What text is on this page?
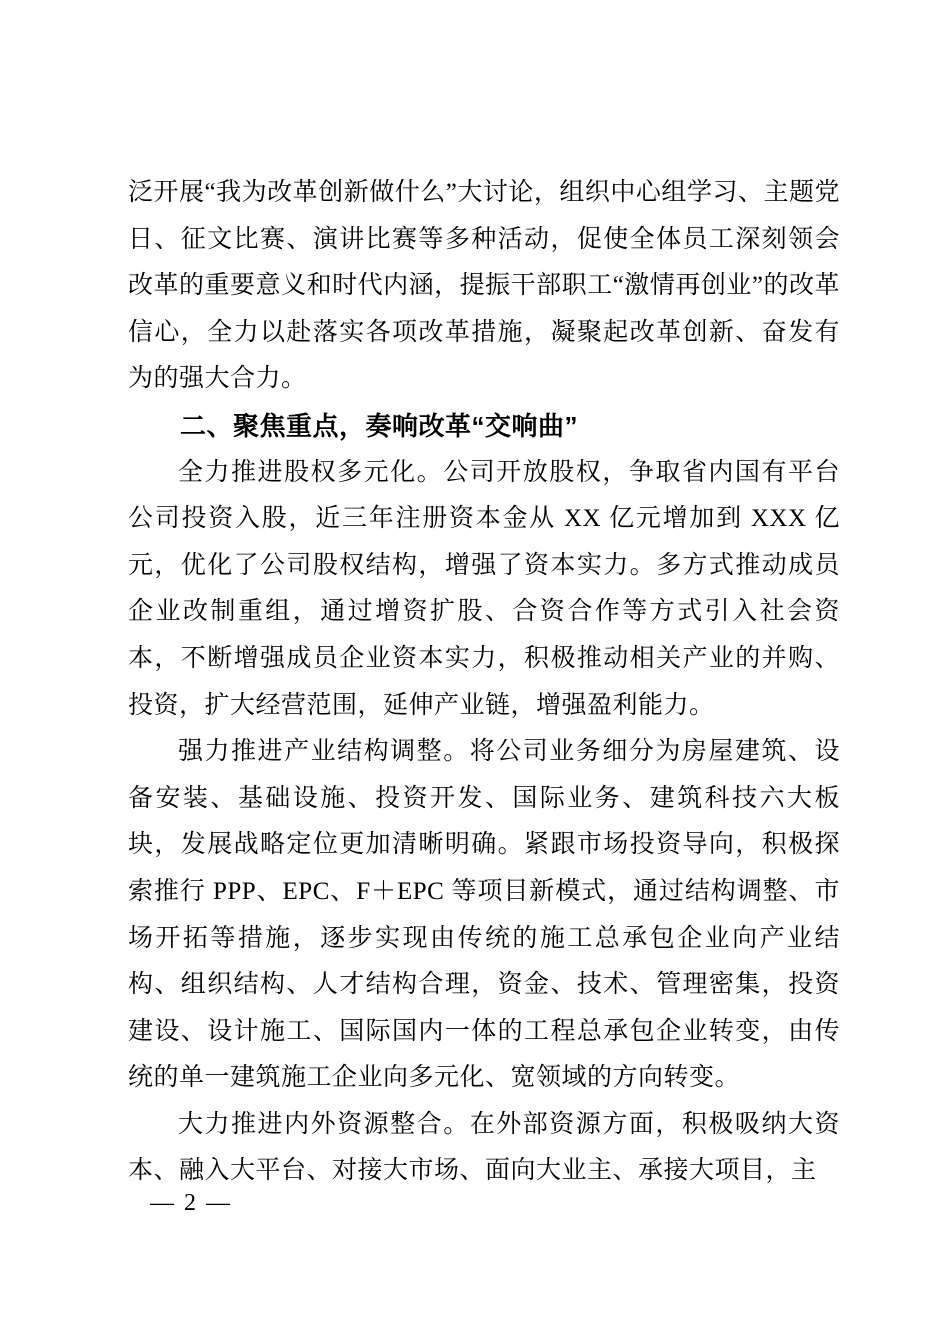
泛开展“我为改革创新做什么”大讨论，组织中心组学习、主题党日、征文比赛、演讲比赛等多种活动，促使全体员工深刻领会改革的重要意义和时代内涵，提振干部职工“激情再创业”的改革信心，全力以赴落实各项改革措施，凝聚起改革创新、奋发有为的强大合力。

二、聚焦重点，奏响改革“交响曲”

全力推进股权多元化。公司开放股权，争取省内国有平台公司投资入股，近三年注册资本金从 XX 亿元增加到 XXX 亿元，优化了公司股权结构，增强了资本实力。多方式推动成员企业改制重组，通过增资扩股、合资合作等方式引入社会资本，不断增强成员企业资本实力，积极推动相关产业的并购、投资，扩大经营范围，延伸产业链，增强盈利能力。

强力推进产业结构调整。将公司业务细分为房屋建筑、设备安装、基础设施、投资开发、国际业务、建筑科技六大板块，发展战略定位更加清晰明确。紧跟市场投资导向，积极探索推行 PPP、EPC、F＋EPC 等项目新模式，通过结构调整、市场开拓等措施，逐步实现由传统的施工总承包企业向产业结构、组织结构、人才结构合理，资金、技术、管理密集，投资建设、设计施工、国际国内一体的工程总承包企业转变，由传统的单一建筑施工企业向多元化、宽领域的方向转变。

大力推进内外资源整合。在外部资源方面，积极吸纳大资本、融入大平台、对接大市场、面向大业主、承接大项目，主

— 2 —
